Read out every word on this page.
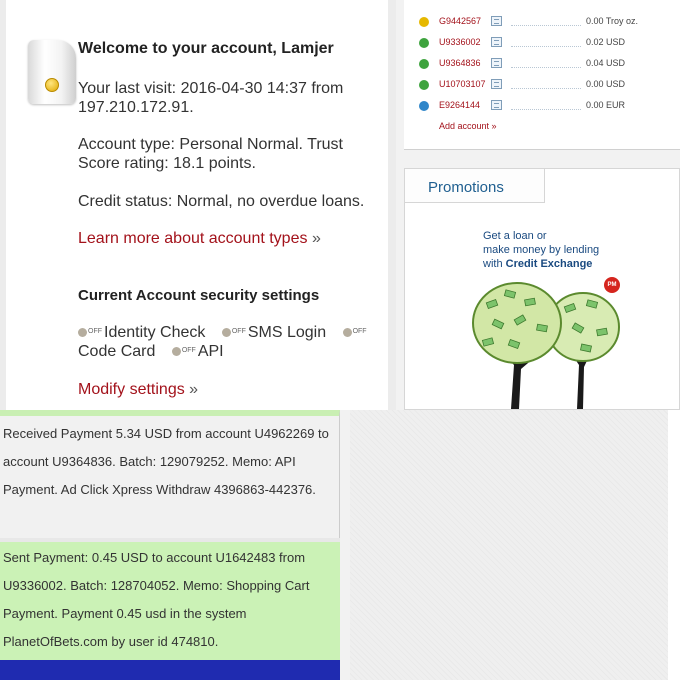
Welcome to your account, Lamjer
Your last visit: 2016-04-30 14:37 from 197.210.172.91.
Account type: Personal Normal. Trust Score rating: 18.1 points.
Credit status: Normal, no overdue loans.
Learn more about account types »
Current Account security settings
$^{OFF}$ Identity Check	$^{OFF}$ SMS Login	$^{OFF}$
Code Card	$^{OFF}$ API
Modify settings »
G9442567	0.00 Troy oz.
U9336002	0.02 USD
U9364836	0.04 USD
U10703107	0.00 USD
E9264144	0.00 EUR
Add account »
Promotions
Get a loan or
make money by lending
with Credit Exchange
PM
Received Payment 5.34 USD from account U4962269 to account U9364836. Batch: 129079252. Memo: API Payment. Ad Click Xpress Withdraw 4396863-442376.
Sent Payment: 0.45 USD to account U1642483 from U9336002. Batch: 128704052. Memo: Shopping Cart Payment. Payment 0.45 usd in the system PlanetOfBets.com by user id 474810.
